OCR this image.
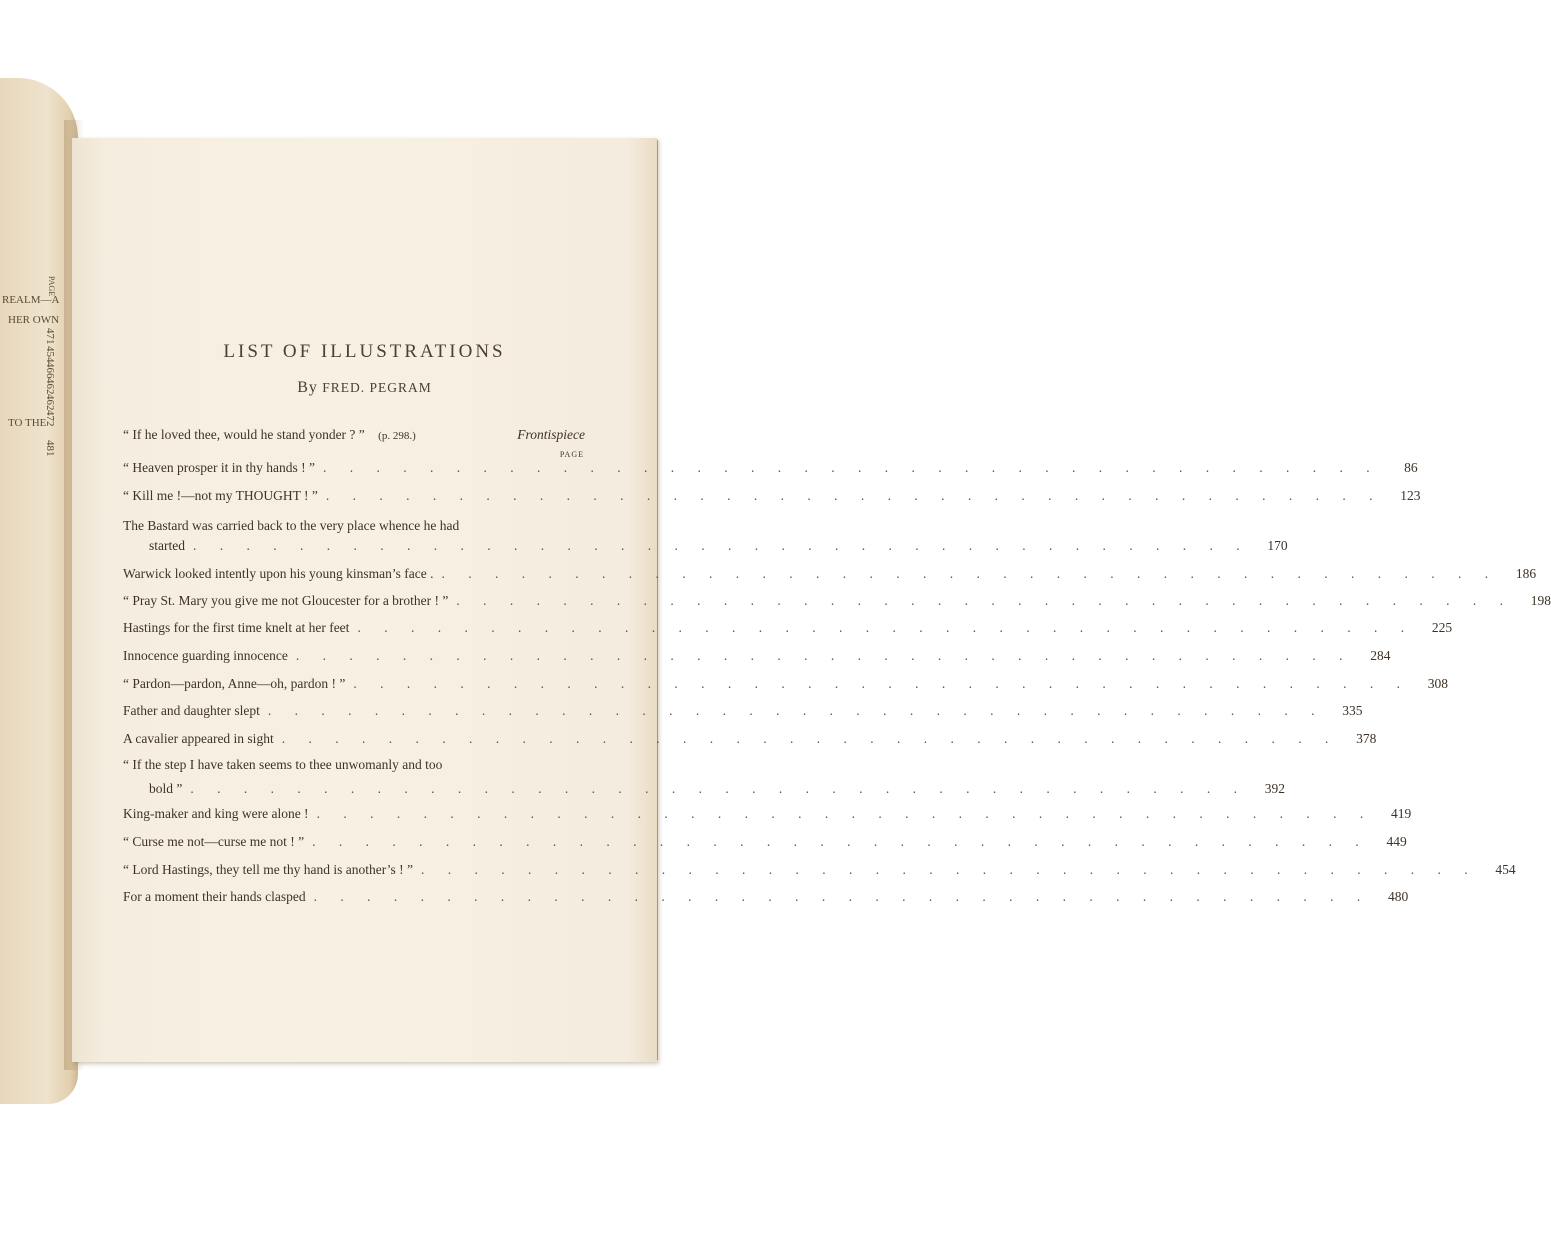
REALM—A
HER OWN
TO THE
PAGE
471
454
466
462
462
472
481
LIST OF ILLUSTRATIONS
By FRED. PEGRAM
“ If he loved thee, would he stand yonder ? ” (p. 298.)	Frontispiece
PAGE
“ Heaven prosper it in thy hands ! ” . . . . . . . . . . . . . . . . . . . . . . . . . . . . . . . . . . . . . . . .	86
“ Kill me !—not my THOUGHT ! ” . . . . . . . . . . . . . . . . . . . . . . . . . . . . . . . . . . . . . . . .	123
The Bastard was carried back to the very place whence he had
started . . . . . . . . . . . . . . . . . . . . . . . . . . . . . . . . . . . . . . . .	170
Warwick looked intently upon his young kinsman’s face . . . . . . . . . . . . . . . . . . . . . . . . . . . . . . . . . . . . . . . . .	186
“ Pray St. Mary you give me not Gloucester for a brother ! ” . . . . . . . . . . . . . . . . . . . . . . . . . . . . . . . . . . . . . . . .	198
Hastings for the first time knelt at her feet . . . . . . . . . . . . . . . . . . . . . . . . . . . . . . . . . . . . . . . .	225
Innocence guarding innocence . . . . . . . . . . . . . . . . . . . . . . . . . . . . . . . . . . . . . . . .	284
“ Pardon—pardon, Anne—oh, pardon ! ” . . . . . . . . . . . . . . . . . . . . . . . . . . . . . . . . . . . . . . . .	308
Father and daughter slept . . . . . . . . . . . . . . . . . . . . . . . . . . . . . . . . . . . . . . . .	335
A cavalier appeared in sight . . . . . . . . . . . . . . . . . . . . . . . . . . . . . . . . . . . . . . . .	378
“ If the step I have taken seems to thee unwomanly and too
bold ” . . . . . . . . . . . . . . . . . . . . . . . . . . . . . . . . . . . . . . . .	392
King-maker and king were alone ! . . . . . . . . . . . . . . . . . . . . . . . . . . . . . . . . . . . . . . . .	419
“ Curse me not—curse me not ! ” . . . . . . . . . . . . . . . . . . . . . . . . . . . . . . . . . . . . . . . .	449
“ Lord Hastings, they tell me thy hand is another’s ! ” . . . . . . . . . . . . . . . . . . . . . . . . . . . . . . . . . . . . . . . .	454
For a moment their hands clasped . . . . . . . . . . . . . . . . . . . . . . . . . . . . . . . . . . . . . . . .	480
